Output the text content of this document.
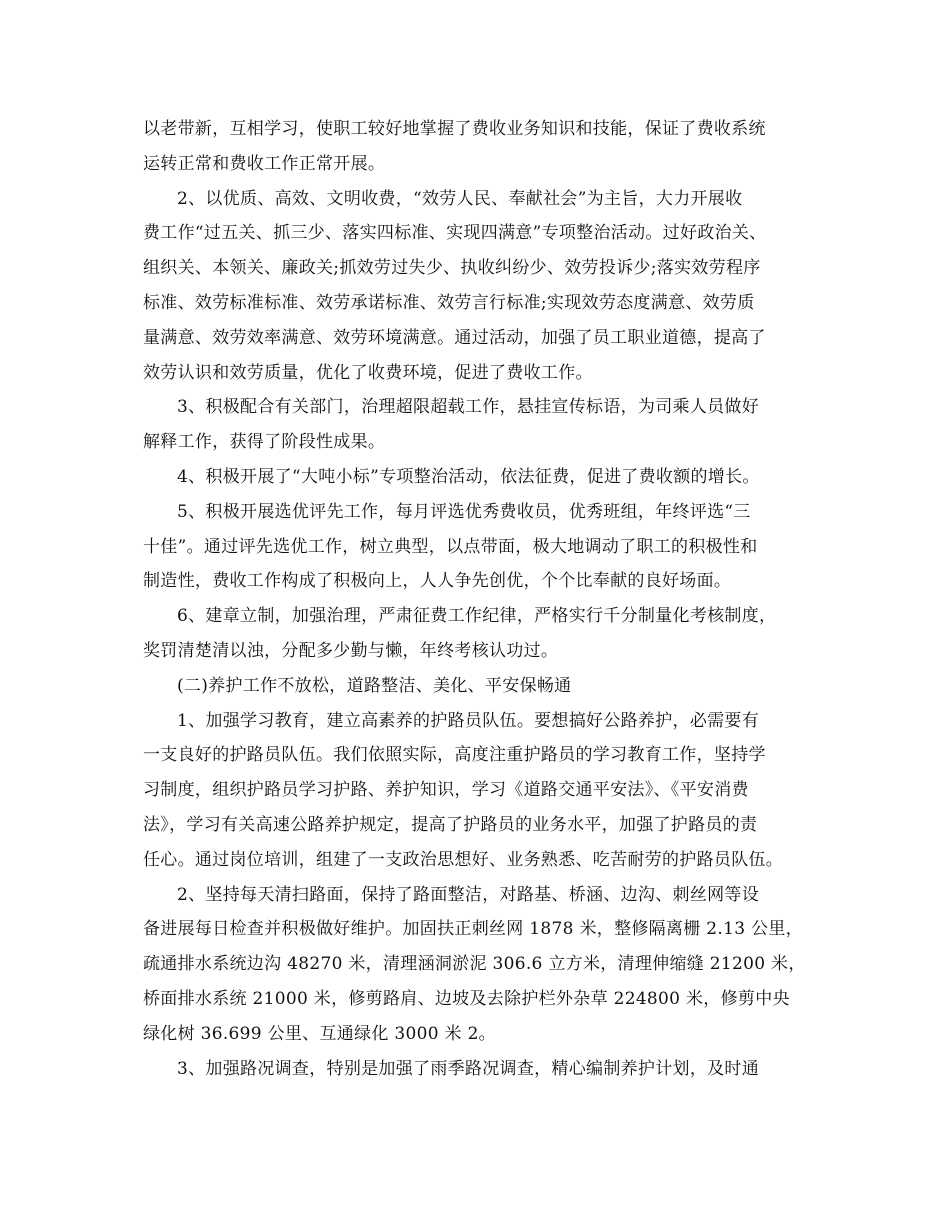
以老带新，互相学习，使职工较好地掌握了费收业务知识和技能，保证了费收系统
运转正常和费收工作正常开展。
2、以优质、高效、文明收费，“效劳人民、奉献社会”为主旨，大力开展收
费工作“过五关、抓三少、落实四标准、实现四满意”专项整治活动。过好政治关、
组织关、本领关、廉政关;抓效劳过失少、执收纠纷少、效劳投诉少;落实效劳程序
标准、效劳标准标准、效劳承诺标准、效劳言行标准;实现效劳态度满意、效劳质
量满意、效劳效率满意、效劳环境满意。通过活动，加强了员工职业道德，提高了
效劳认识和效劳质量，优化了收费环境，促进了费收工作。
3、积极配合有关部门，治理超限超载工作，悬挂宣传标语，为司乘人员做好
解释工作，获得了阶段性成果。
4、积极开展了“大吨小标”专项整治活动，依法征费，促进了费收额的增长。
5、积极开展选优评先工作，每月评选优秀费收员，优秀班组，年终评选“三
十佳”。通过评先选优工作，树立典型，以点带面，极大地调动了职工的积极性和
制造性，费收工作构成了积极向上，人人争先创优，个个比奉献的良好场面。
6、建章立制，加强治理，严肃征费工作纪律，严格实行千分制量化考核制度，
奖罚清楚清以浊，分配多少勤与懒，年终考核认功过。
(二)养护工作不放松，道路整洁、美化、平安保畅通
1、加强学习教育，建立高素养的护路员队伍。要想搞好公路养护，必需要有
一支良好的护路员队伍。我们依照实际，高度注重护路员的学习教育工作，坚持学
习制度，组织护路员学习护路、养护知识，学习《道路交通平安法》、《平安消费
法》，学习有关高速公路养护规定，提高了护路员的业务水平，加强了护路员的责
任心。通过岗位培训，组建了一支政治思想好、业务熟悉、吃苦耐劳的护路员队伍。
2、坚持每天清扫路面，保持了路面整洁，对路基、桥涵、边沟、刺丝网等设
备进展每日检查并积极做好维护。加固扶正刺丝网 1878 米，整修隔离栅 2.13 公里，
疏通排水系统边沟 48270 米，清理涵洞淤泥 306.6 立方米，清理伸缩缝 21200 米，
桥面排水系统 21000 米，修剪路肩、边坡及去除护栏外杂草 224800 米，修剪中央
绿化树 36.699 公里、互通绿化 3000 米 2。
3、加强路况调查，特别是加强了雨季路况调查，精心编制养护计划，及时通
